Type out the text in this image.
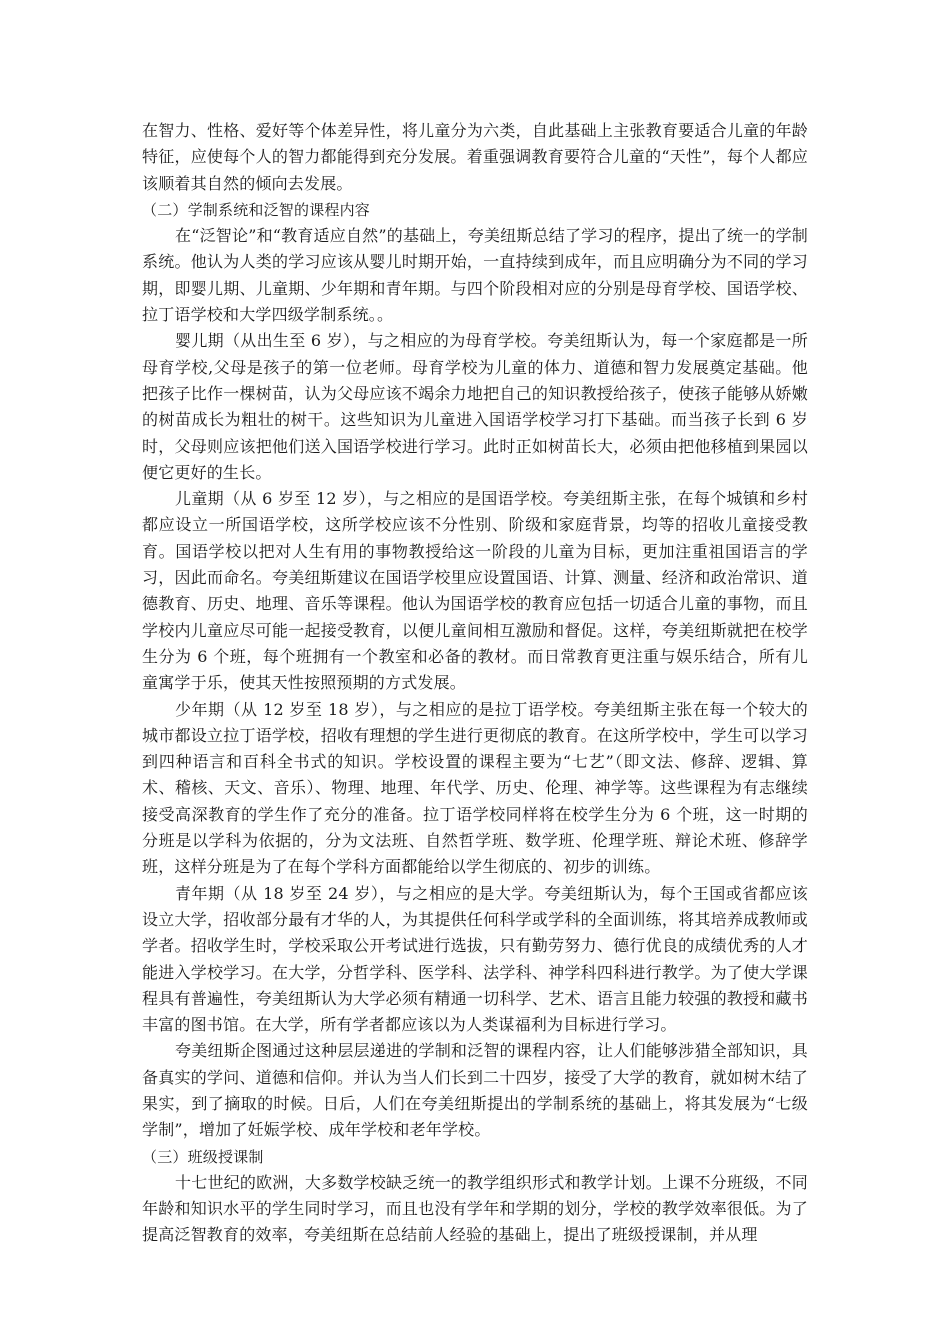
在智力、性格、爱好等个体差异性，将儿童分为六类，自此基础上主张教育要适合儿童的年龄特征，应使每个人的智力都能得到充分发展。着重强调教育要符合儿童的“天性”，每个人都应该顺着其自然的倾向去发展。

（二）学制系统和泛智的课程内容

在“泛智论”和“教育适应自然”的基础上，夸美纽斯总结了学习的程序，提出了统一的学制系统。他认为人类的学习应该从婴儿时期开始，一直持续到成年，而且应明确分为不同的学习期，即婴儿期、儿童期、少年期和青年期。与四个阶段相对应的分别是母育学校、国语学校、拉丁语学校和大学四级学制系统。。

婴儿期（从出生至 6 岁），与之相应的为母育学校。夸美纽斯认为，每一个家庭都是一所母育学校,父母是孩子的第一位老师。母育学校为儿童的体力、道德和智力发展奠定基础。他把孩子比作一棵树苗，认为父母应该不竭余力地把自己的知识教授给孩子，使孩子能够从娇嫩的树苗成长为粗壮的树干。这些知识为儿童进入国语学校学习打下基础。而当孩子长到 6 岁时，父母则应该把他们送入国语学校进行学习。此时正如树苗长大，必须由把他移植到果园以便它更好的生长。

儿童期（从 6 岁至 12 岁），与之相应的是国语学校。夸美纽斯主张，在每个城镇和乡村都应设立一所国语学校，这所学校应该不分性别、阶级和家庭背景，均等的招收儿童接受教育。国语学校以把对人生有用的事物教授给这一阶段的儿童为目标，更加注重祖国语言的学习，因此而命名。夸美纽斯建议在国语学校里应设置国语、计算、测量、经济和政治常识、道德教育、历史、地理、音乐等课程。他认为国语学校的教育应包括一切适合儿童的事物，而且学校内儿童应尽可能一起接受教育，以便儿童间相互激励和督促。这样，夸美纽斯就把在校学生分为 6 个班，每个班拥有一个教室和必备的教材。而日常教育更注重与娱乐结合，所有儿童寓学于乐，使其天性按照预期的方式发展。

少年期（从 12 岁至 18 岁），与之相应的是拉丁语学校。夸美纽斯主张在每一个较大的城市都设立拉丁语学校，招收有理想的学生进行更彻底的教育。在这所学校中，学生可以学习到四种语言和百科全书式的知识。学校设置的课程主要为“七艺”（即文法、修辞、逻辑、算术、稽核、天文、音乐）、物理、地理、年代学、历史、伦理、神学等。这些课程为有志继续接受高深教育的学生作了充分的准备。拉丁语学校同样将在校学生分为 6 个班，这一时期的分班是以学科为依据的，分为文法班、自然哲学班、数学班、伦理学班、辩论术班、修辞学班，这样分班是为了在每个学科方面都能给以学生彻底的、初步的训练。

青年期（从 18 岁至 24 岁），与之相应的是大学。夸美纽斯认为，每个王国或省都应该设立大学，招收部分最有才华的人，为其提供任何科学或学科的全面训练，将其培养成教师或学者。招收学生时，学校采取公开考试进行选拔，只有勤劳努力、德行优良的成绩优秀的人才能进入学校学习。在大学，分哲学科、医学科、法学科、神学科四科进行教学。为了使大学课程具有普遍性，夸美纽斯认为大学必须有精通一切科学、艺术、语言且能力较强的教授和藏书丰富的图书馆。在大学，所有学者都应该以为人类谋福利为目标进行学习。

夸美纽斯企图通过这种层层递进的学制和泛智的课程内容，让人们能够涉猎全部知识，具备真实的学问、道德和信仰。并认为当人们长到二十四岁，接受了大学的教育，就如树木结了果实，到了摘取的时候。日后，人们在夸美纽斯提出的学制系统的基础上，将其发展为“七级学制”，增加了妊娠学校、成年学校和老年学校。

（三）班级授课制

十七世纪的欧洲，大多数学校缺乏统一的教学组织形式和教学计划。上课不分班级，不同年龄和知识水平的学生同时学习，而且也没有学年和学期的划分，学校的教学效率很低。为了提高泛智教育的效率，夸美纽斯在总结前人经验的基础上，提出了班级授课制，并从理
